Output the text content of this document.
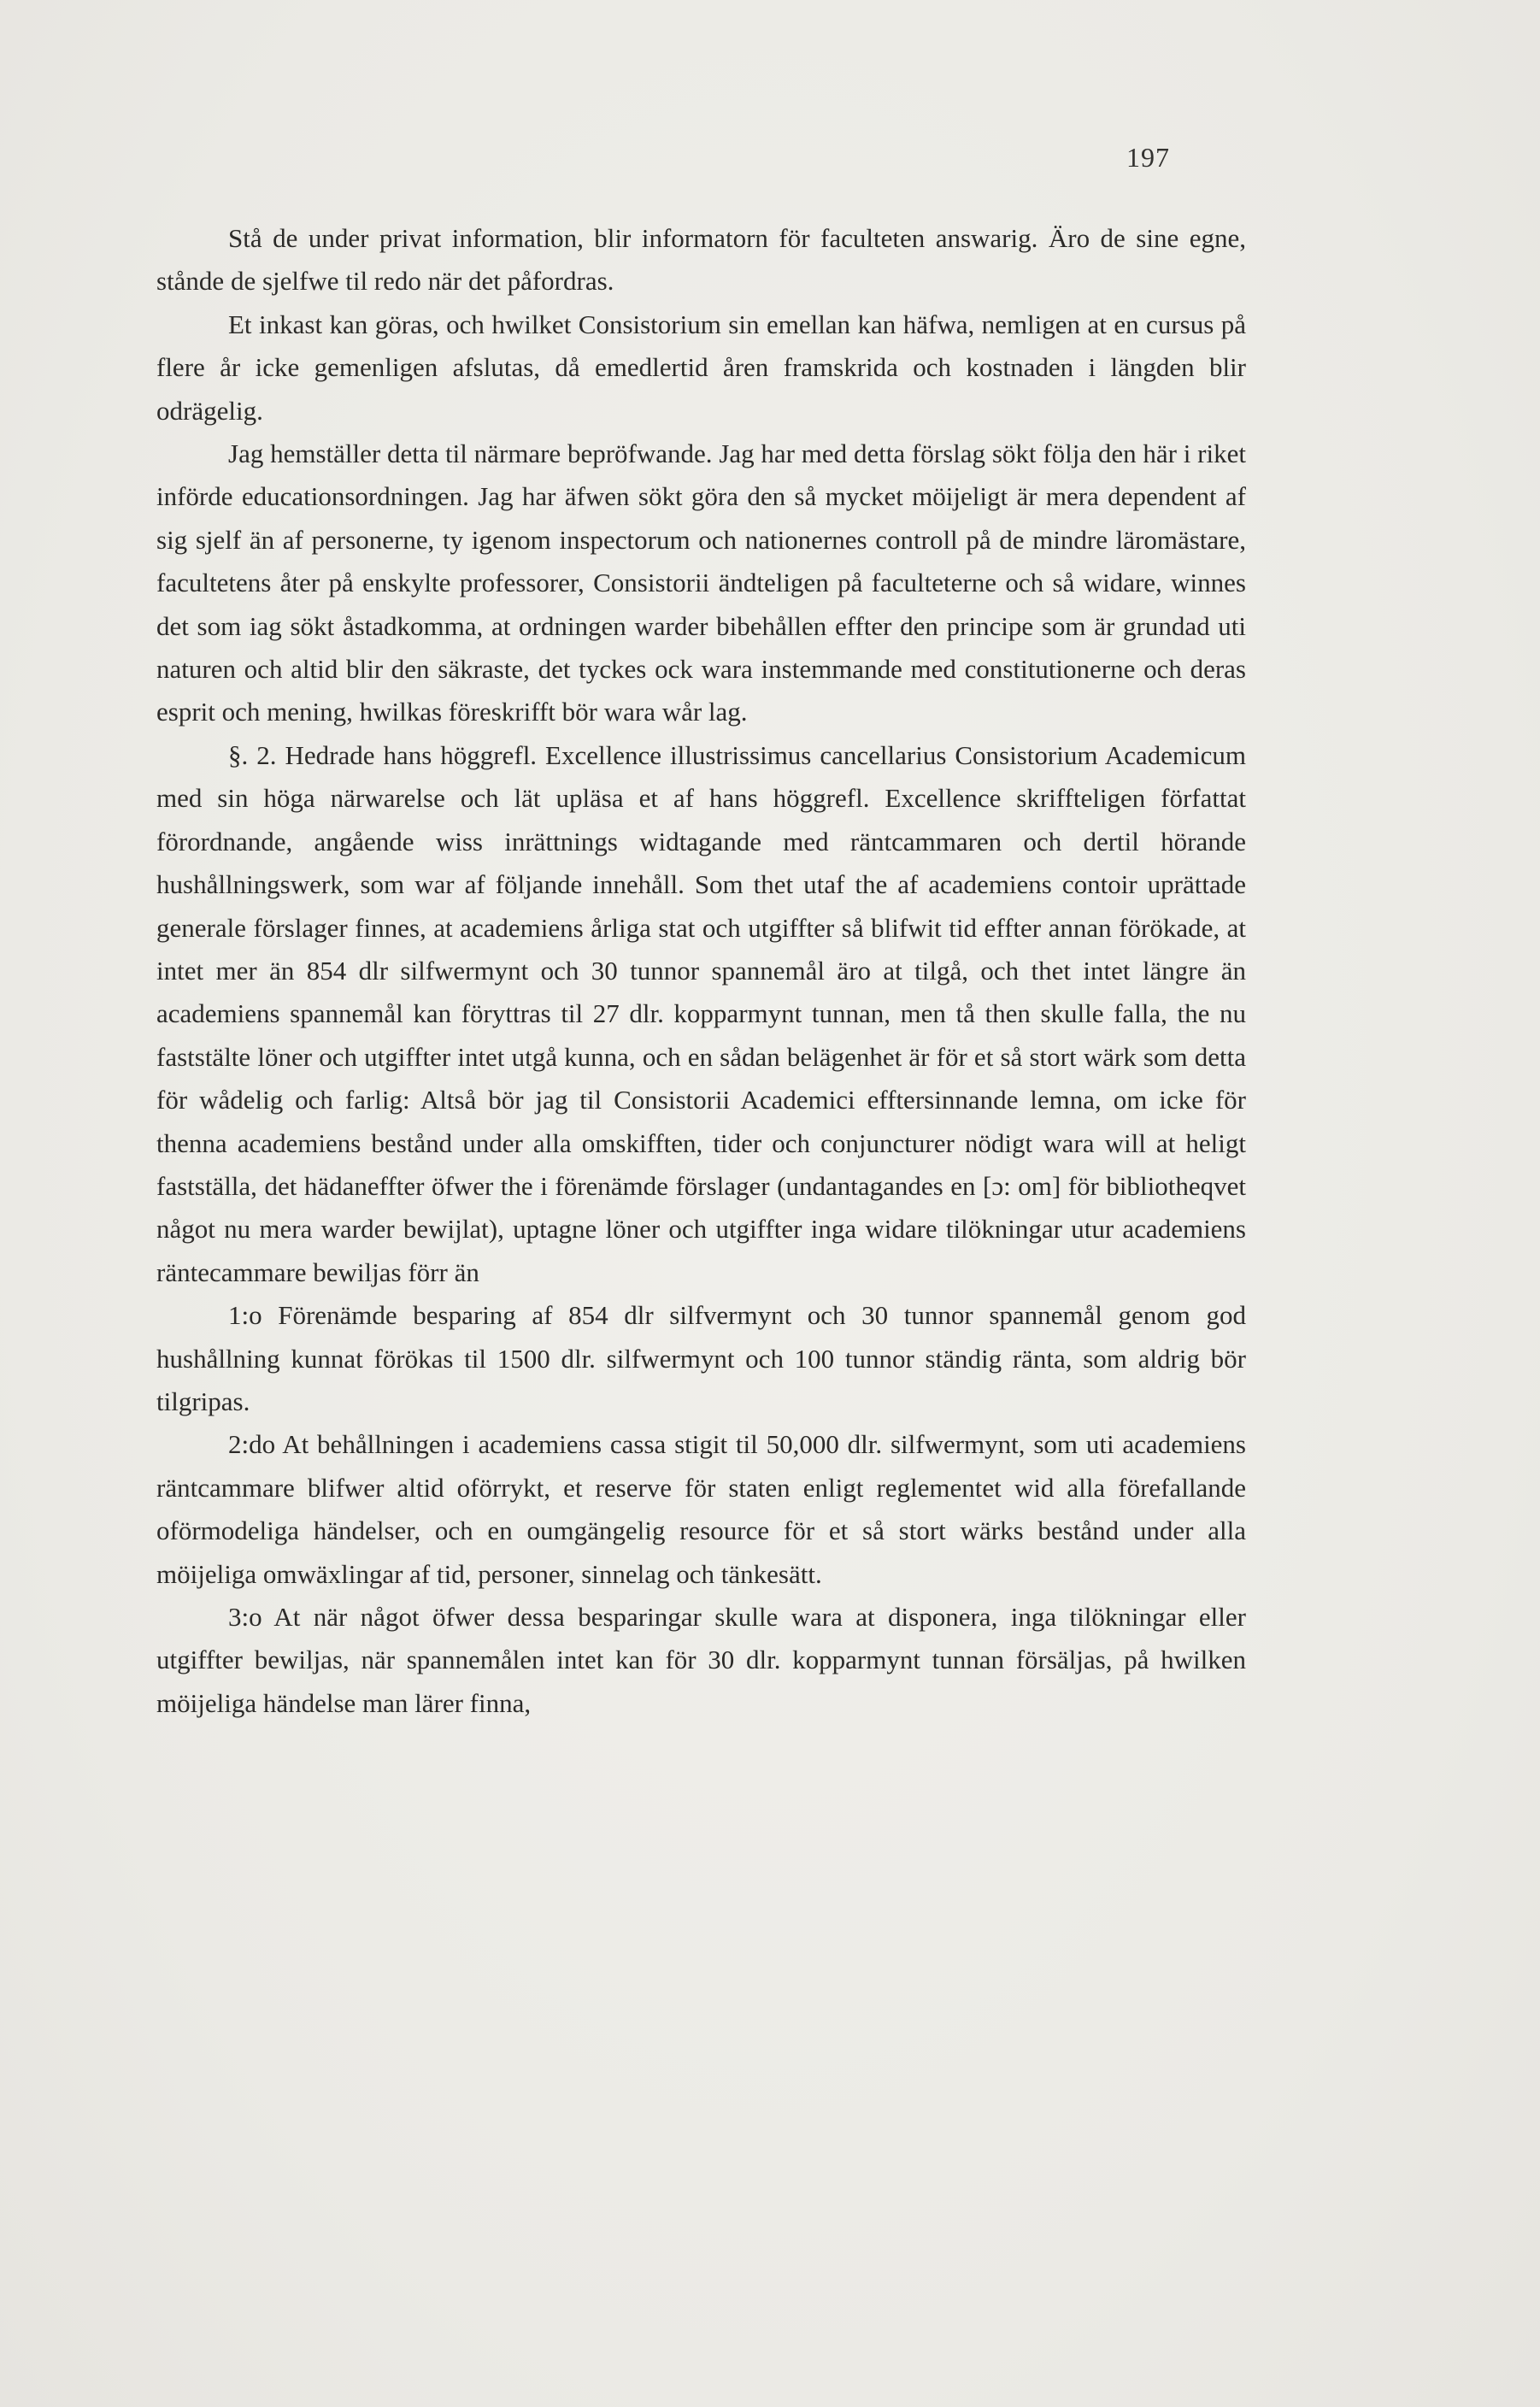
197

Stå de under privat information, blir informatorn för faculteten answarig. Äro de sine egne, stånde de sjelfwe til redo när det påfordras.

Et inkast kan göras, och hwilket Consistorium sin emellan kan häfwa, nemligen at en cursus på flere år icke gemenligen afslutas, då emedlertid åren framskrida och kostnaden i längden blir odrägelig.

Jag hemställer detta til närmare bepröfwande. Jag har med detta förslag sökt följa den här i riket införde educationsordningen. Jag har äfwen sökt göra den så mycket möijeligt är mera dependent af sig sjelf än af personerne, ty igenom inspectorum och nationernes controll på de mindre läromästare, facultetens åter på enskylte professorer, Consistorii ändteligen på faculteterne och så widare, winnes det som iag sökt åstadkomma, at ordningen warder bibehållen effter den principe som är grundad uti naturen och altid blir den säkraste, det tyckes ock wara instemmande med constitutionerne och deras esprit och mening, hwilkas föreskrifft bör wara wår lag.

§. 2. Hedrade hans höggrefl. Excellence illustrissimus cancellarius Consistorium Academicum med sin höga närwarelse och lät upläsa et af hans höggrefl. Excellence skriffteligen författat förordnande, angående wiss inrättnings widtagande med räntcammaren och dertil hörande hushållningswerk, som war af följande innehåll. Som thet utaf the af academiens contoir uprättade generale förslager finnes, at academiens årliga stat och utgiffter så blifwit tid effter annan förökade, at intet mer än 854 dlr silfwermynt och 30 tunnor spannemål äro at tilgå, och thet intet längre än academiens spannemål kan föryttras til 27 dlr. kopparmynt tunnan, men tå then skulle falla, the nu faststälte löner och utgiffter intet utgå kunna, och en sådan belägenhet är för et så stort wärk som detta för wådelig och farlig: Altså bör jag til Consistorii Academici efftersinnande lemna, om icke för thenna academiens bestånd under alla omskifften, tider och conjuncturer nödigt wara will at heligt fastställa, det hädaneffter öfwer the i förenämde förslager (undantagandes en [ɔ: om] för bibliotheqvet något nu mera warder bewijlat), uptagne löner och utgiffter inga widare tilökningar utur academiens räntecammare bewiljas förr än

1:o Förenämde besparing af 854 dlr silfvermynt och 30 tunnor spannemål genom god hushållning kunnat förökas til 1500 dlr. silfwermynt och 100 tunnor ständig ränta, som aldrig bör tilgripas.

2:do At behållningen i academiens cassa stigit til 50,000 dlr. silfwermynt, som uti academiens räntcammare blifwer altid oförrykt, et reserve för staten enligt reglementet wid alla förefallande oförmodeliga händelser, och en oumgängelig resource för et så stort wärks bestånd under alla möijeliga omwäxlingar af tid, personer, sinnelag och tänkesätt.

3:o At när något öfwer dessa besparingar skulle wara at disponera, inga tilökningar eller utgiffter bewiljas, när spannemålen intet kan för 30 dlr. kopparmynt tunnan försäljas, på hwilken möijeliga händelse man lärer finna,
